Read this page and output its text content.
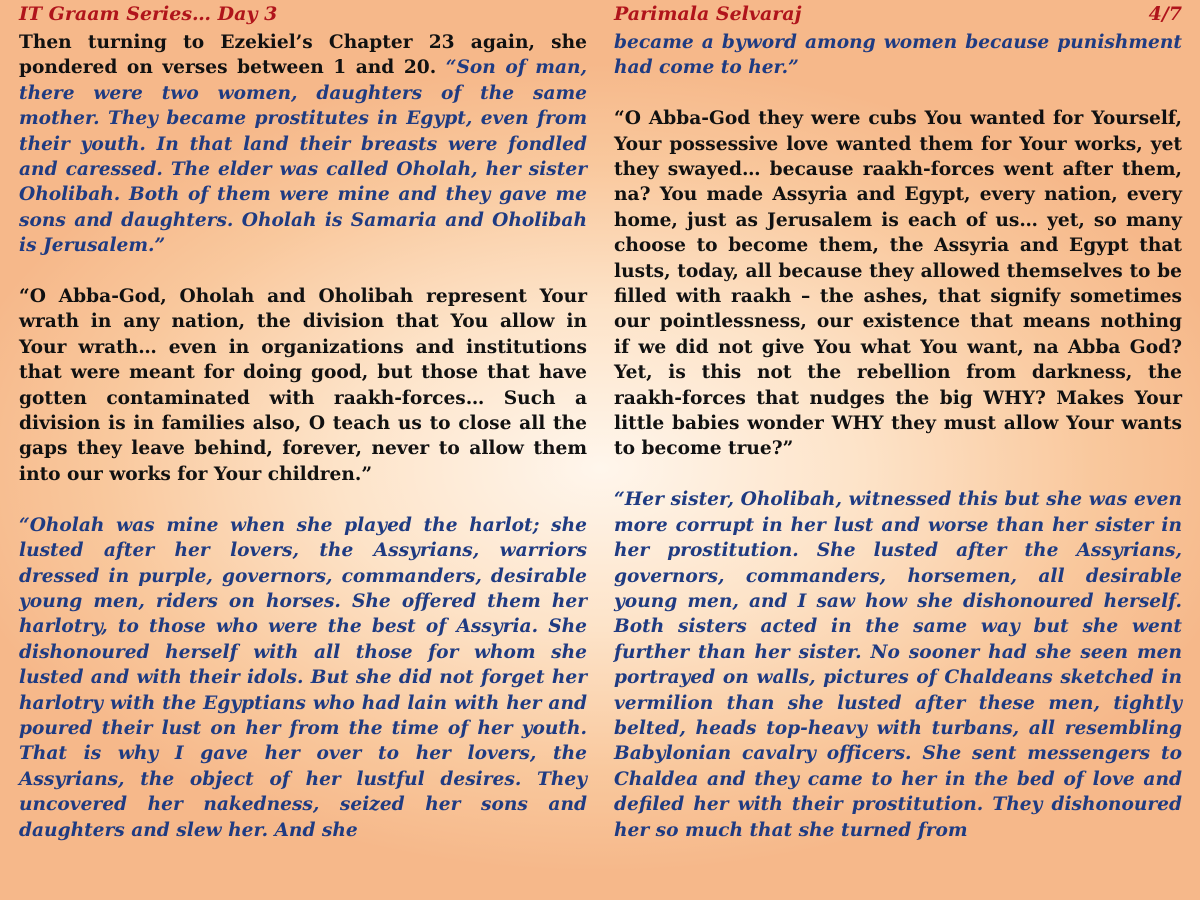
IT Graam Series… Day 3

Then turning to Ezekiel’s Chapter 23 again, she pondered on verses between 1 and 20. “Son of man, there were two women, daughters of the same mother. They became prostitutes in Egypt, even from their youth. In that land their breasts were fondled and caressed. The elder was called Oholah, her sister Oholibah. Both of them were mine and they gave me sons and daughters. Oholah is Samaria and Oholibah is Jerusalem.”

“O Abba-God, Oholah and Oholibah represent Your wrath in any nation, the division that You allow in Your wrath… even in organizations and institutions that were meant for doing good, but those that have gotten contaminated with raakh-forces… Such a division is in families also, O teach us to close all the gaps they leave behind, forever, never to allow them into our works for Your children.”

“Oholah was mine when she played the harlot; she lusted after her lovers, the Assyrians, warriors dressed in purple, governors, commanders, desirable young men, riders on horses. She offered them her harlotry, to those who were the best of Assyria. She dishonoured herself with all those for whom she lusted and with their idols. But she did not forget her harlotry with the Egyptians who had lain with her and poured their lust on her from the time of her youth. That is why I gave her over to her lovers, the Assyrians, the object of her lustful desires. They uncovered her nakedness, seized her sons and daughters and slew her. And she

Parimala Selvaraj	4/7

became a byword among women because punishment had come to her.”

“O Abba-God they were cubs You wanted for Yourself, Your possessive love wanted them for Your works, yet they swayed… because raakh-forces went after them, na? You made Assyria and Egypt, every nation, every home, just as Jerusalem is each of us… yet, so many choose to become them, the Assyria and Egypt that lusts, today, all because they allowed themselves to be filled with raakh – the ashes, that signify sometimes our pointlessness, our existence that means nothing if we did not give You what You want, na Abba God? Yet, is this not the rebellion from darkness, the raakh-forces that nudges the big WHY? Makes Your little babies wonder WHY they must allow Your wants to become true?”

“Her sister, Oholibah, witnessed this but she was even more corrupt in her lust and worse than her sister in her prostitution. She lusted after the Assyrians, governors, commanders, horsemen, all desirable young men, and I saw how she dishonoured herself. Both sisters acted in the same way but she went further than her sister. No sooner had she seen men portrayed on walls, pictures of Chaldeans sketched in vermilion than she lusted after these men, tightly belted, heads top-heavy with turbans, all resembling Babylonian cavalry officers. She sent messengers to Chaldea and they came to her in the bed of love and defiled her with their prostitution. They dishonoured her so much that she turned from
